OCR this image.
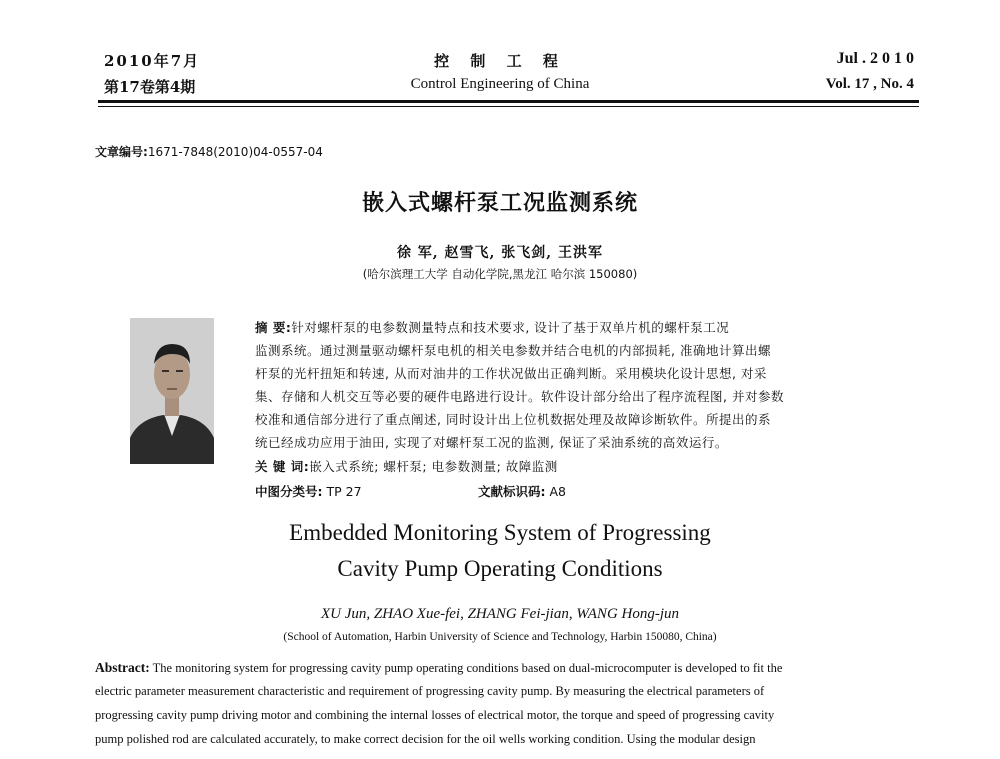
2010年7月
第17卷第4期
控 制 工 程
Control Engineering of China
Jul . 2 0 1 0
Vol. 17 , No. 4
文章编号:1671-7848(2010)04-0557-04
嵌入式螺杆泵工况监测系统
徐 军, 赵雪飞, 张飞剑, 王洪军
(哈尔滨理工大学 自动化学院,黑龙江 哈尔滨 150080)
摘 要:针对螺杆泵的电参数测量特点和技术要求, 设计了基于双单片机的螺杆泵工况
监测系统。通过测量驱动螺杆泵电机的相关电参数并结合电机的内部损耗, 准确地计算出螺
杆泵的光杆扭矩和转速, 从而对油井的工作状况做出正确判断。采用模块化设计思想, 对采
集、存储和人机交互等必要的硬件电路进行设计。软件设计部分给出了程序流程图, 并对参数
校准和通信部分进行了重点阐述, 同时设计出上位机数据处理及故障诊断软件。所提出的系
统已经成功应用于油田, 实现了对螺杆泵工况的监测, 保证了采油系统的高效运行。
关 键 词:嵌入式系统; 螺杆泵; 电参数测量; 故障监测
中图分类号: TP 27	文献标识码: A8
Embedded Monitoring System of Progressing
Cavity Pump Operating Conditions
XU Jun, ZHAO Xue-fei, ZHANG Fei-jian, WANG Hong-jun
(School of Automation, Harbin University of Science and Technology, Harbin 150080, China)
Abstract: The monitoring system for progressing cavity pump operating conditions based on dual-microcomputer is developed to fit the
electric parameter measurement characteristic and requirement of progressing cavity pump. By measuring the electrical parameters of
progressing cavity pump driving motor and combining the internal losses of electrical motor, the torque and speed of progressing cavity
pump polished rod are calculated accurately, to make correct decision for the oil wells working condition. Using the modular design
